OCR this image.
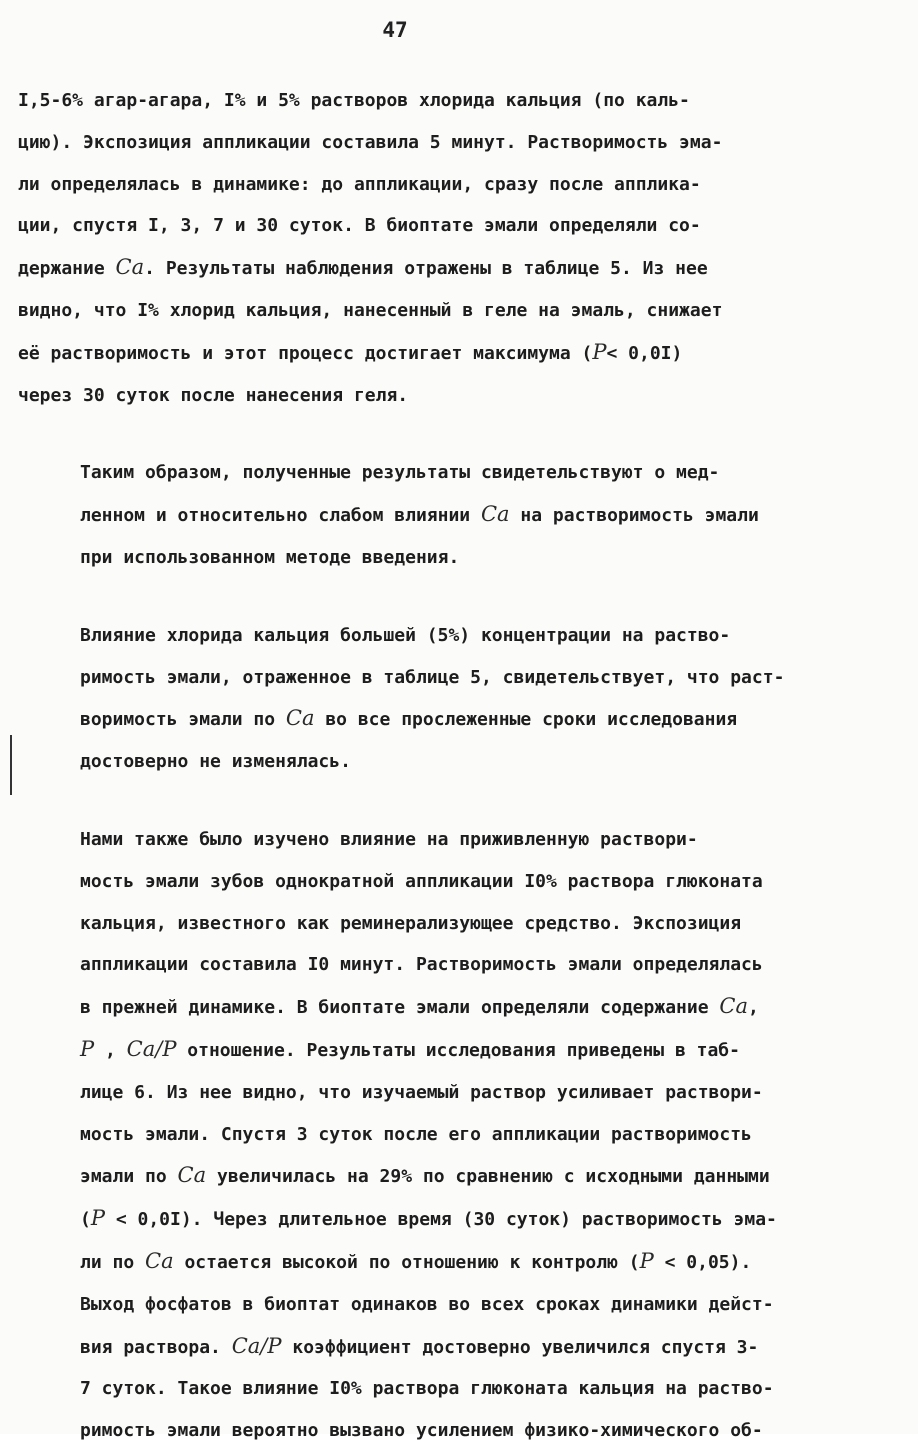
47
I,5-6% агар-агара, I% и 5% растворов хлорида кальция (по каль-
цию). Экспозиция аппликации составила 5 минут. Растворимость эма-
ли определялась в динамике: до аппликации, сразу после апплика-
ции, спустя I, 3, 7 и 30 суток. В биоптате эмали определяли со-
держание Ca. Результаты наблюдения отражены в таблице 5. Из нее
видно, что I% хлорид кальция, нанесенный в геле на эмаль, снижает
её растворимость и этот процесс достигает максимума (P< 0,0I)
через 30 суток после нанесения геля.
Таким образом, полученные результаты свидетельствуют о мед-
ленном и относительно слабом влиянии Ca на растворимость эмали
при использованном методе введения.
Влияние хлорида кальция большей (5%) концентрации на раство-
римость эмали, отраженное в таблице 5, свидетельствует, что раст-
воримость эмали по Ca во все прослеженные сроки исследования
достоверно не изменялась.
Нами также было изучено влияние на приживленную раствори-
мость эмали зубов однократной аппликации I0% раствора глюконата
кальция, известного как реминерализующее средство. Экспозиция
аппликации составила I0 минут. Растворимость эмали определялась
в прежней динамике. В биоптате эмали определяли содержание Ca,
P , Ca/P отношение. Результаты исследования приведены в таб-
лице 6. Из нее видно, что изучаемый раствор усиливает раствори-
мость эмали. Спустя 3 суток после его аппликации растворимость
эмали по Ca увеличилась на 29% по сравнению с исходными данными
(P < 0,0I). Через длительное время (30 суток) растворимость эма-
ли по Ca остается высокой по отношению к контролю (P < 0,05).
Выход фосфатов в биоптат одинаков во всех сроках динамики дейст-
вия раствора. Ca/P коэффициент достоверно увеличился спустя 3-
7 суток. Такое влияние I0% раствора глюконата кальция на раство-
римость эмали вероятно вызвано усилением физико-химического об-
